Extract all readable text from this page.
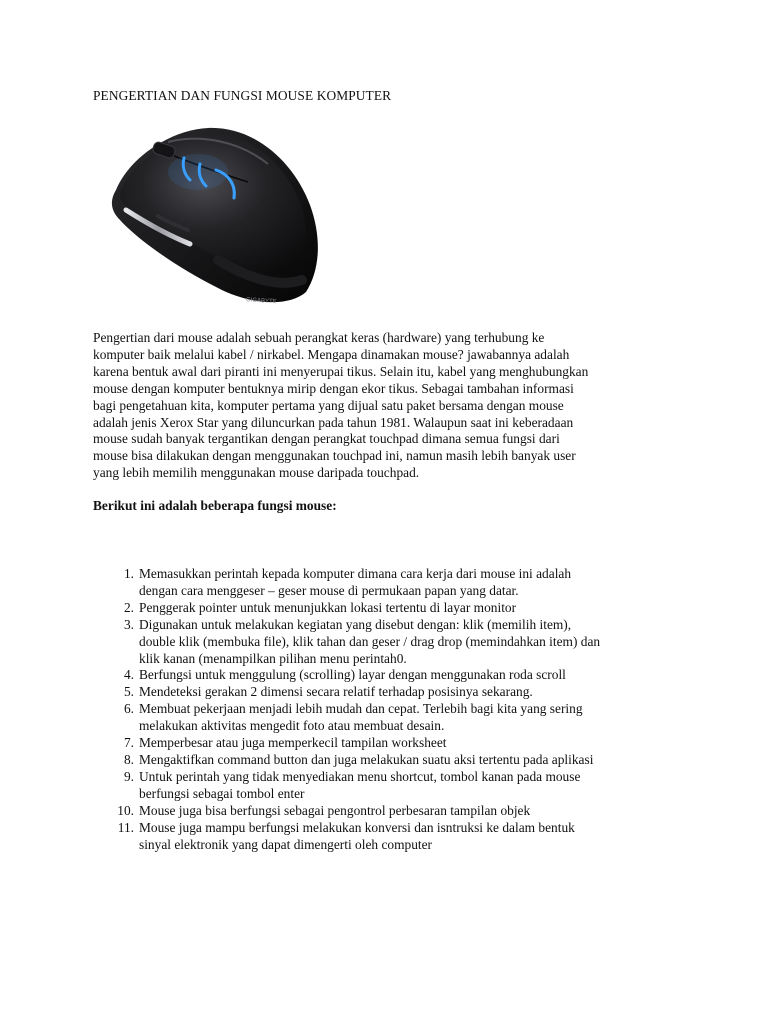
PENGERTIAN DAN FUNGSI MOUSE KOMPUTER
GIGABYTE

Pengertian dari mouse adalah sebuah perangkat keras (hardware) yang terhubung ke
komputer baik melalui kabel / nirkabel. Mengapa dinamakan mouse? jawabannya adalah
karena bentuk awal dari piranti ini menyerupai tikus. Selain itu, kabel yang menghubungkan
mouse dengan komputer bentuknya mirip dengan ekor tikus. Sebagai tambahan informasi
bagi pengetahuan kita, komputer pertama yang dijual satu paket bersama dengan mouse
adalah jenis Xerox Star yang diluncurkan pada tahun 1981. Walaupun saat ini keberadaan
mouse sudah banyak tergantikan dengan perangkat touchpad dimana semua fungsi dari
mouse bisa dilakukan dengan menggunakan touchpad ini, namun masih lebih banyak user
yang lebih memilih menggunakan mouse daripada touchpad.

Berikut ini adalah beberapa fungsi mouse:

1. Memasukkan perintah kepada komputer dimana cara kerja dari mouse ini adalah
dengan cara menggeser – geser mouse di permukaan papan yang datar.
2. Penggerak pointer untuk menunjukkan lokasi tertentu di layar monitor
3. Digunakan untuk melakukan kegiatan yang disebut dengan: klik (memilih item),
double klik (membuka file), klik tahan dan geser / drag drop (memindahkan item) dan
klik kanan (menampilkan pilihan menu perintah0.
4. Berfungsi untuk menggulung (scrolling) layar dengan menggunakan roda scroll
5. Mendeteksi gerakan 2 dimensi secara relatif terhadap posisinya sekarang.
6. Membuat pekerjaan menjadi lebih mudah dan cepat. Terlebih bagi kita yang sering
melakukan aktivitas mengedit foto atau membuat desain.
7. Memperbesar atau juga memperkecil tampilan worksheet
8. Mengaktifkan command button dan juga melakukan suatu aksi tertentu pada aplikasi
9. Untuk perintah yang tidak menyediakan menu shortcut, tombol kanan pada mouse
berfungsi sebagai tombol enter
10. Mouse juga bisa berfungsi sebagai pengontrol perbesaran tampilan objek
11. Mouse juga mampu berfungsi melakukan konversi dan isntruksi ke dalam bentuk
sinyal elektronik yang dapat dimengerti oleh computer
